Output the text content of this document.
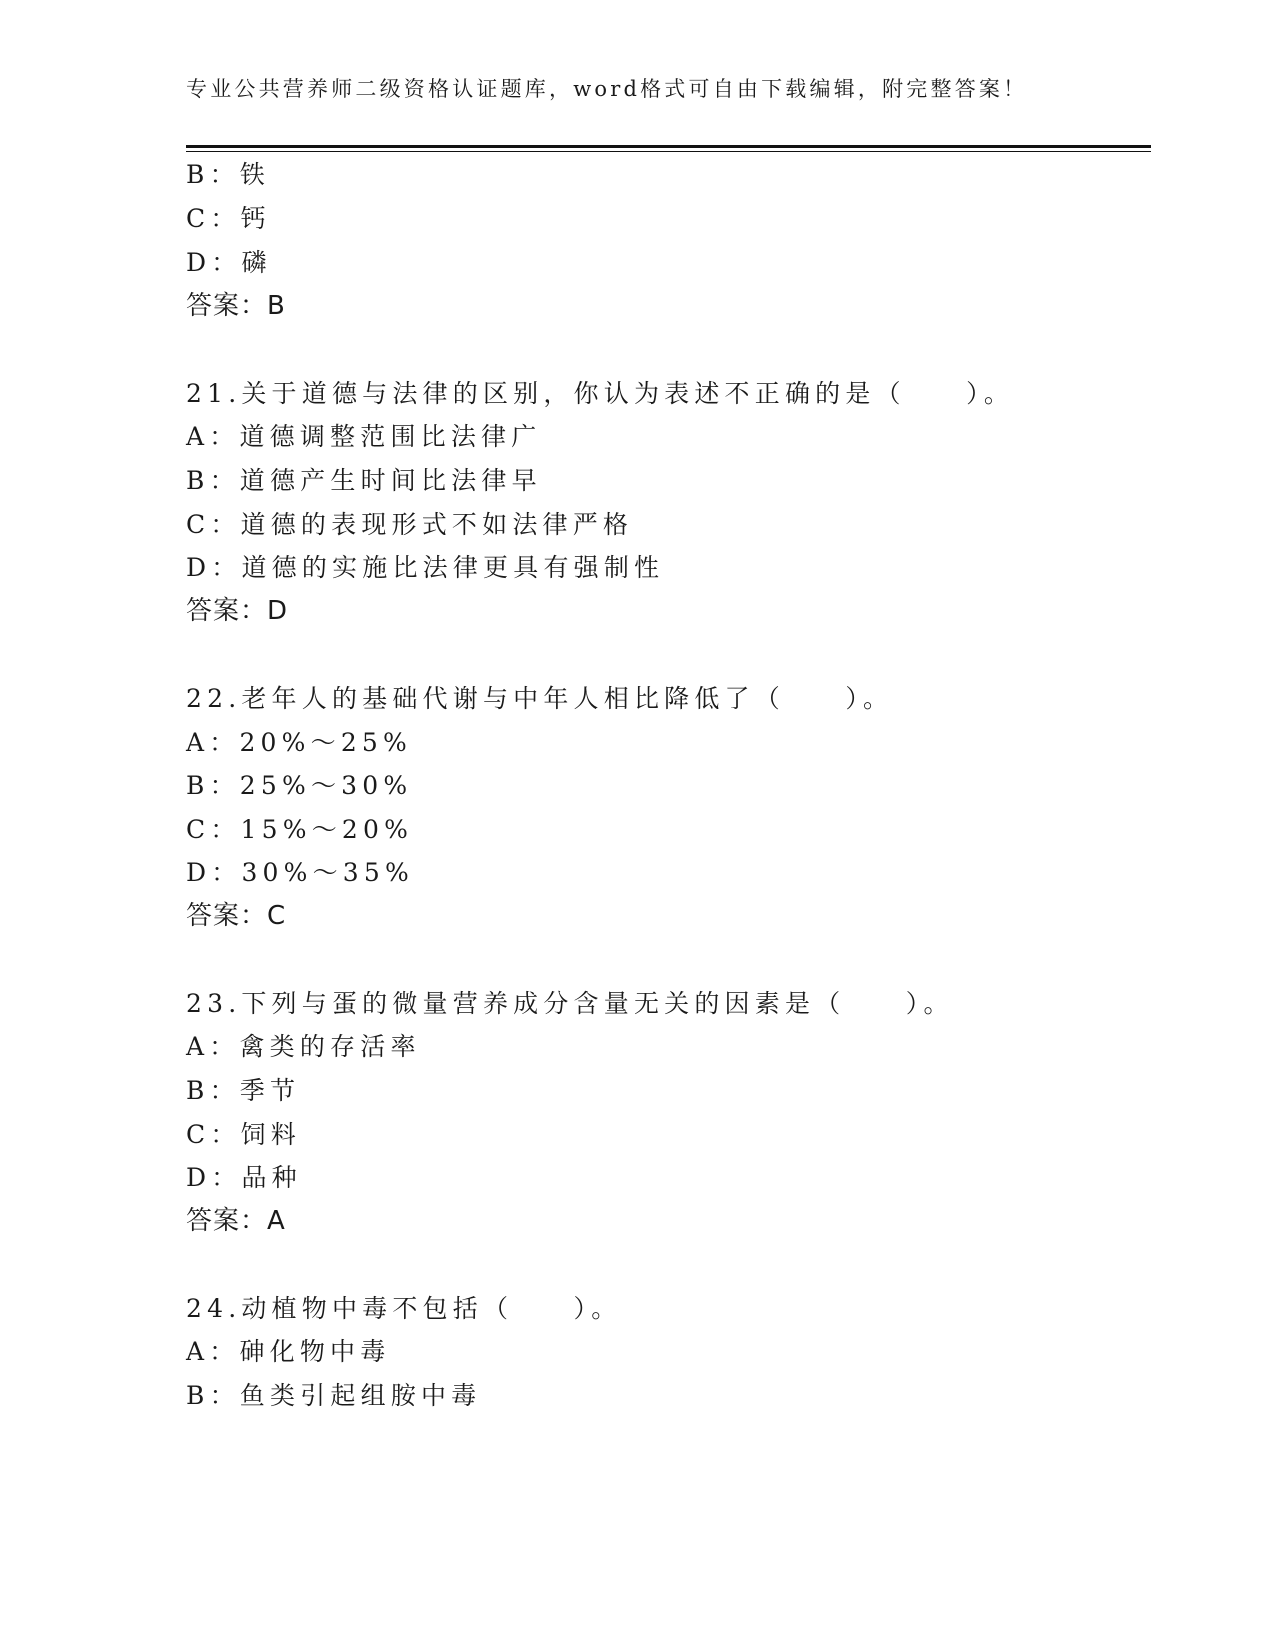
专业公共营养师二级资格认证题库，word格式可自由下载编辑，附完整答案！
B：铁
C：钙
D：磷
答案：B
21.关于道德与法律的区别，你认为表述不正确的是（　　）。
A：道德调整范围比法律广
B：道德产生时间比法律早
C：道德的表现形式不如法律严格
D：道德的实施比法律更具有强制性
答案：D
22.老年人的基础代谢与中年人相比降低了（　　）。
A：20%～25%
B：25%～30%
C：15%～20%
D：30%～35%
答案：C
23.下列与蛋的微量营养成分含量无关的因素是（　　）。
A：禽类的存活率
B：季节
C：饲料
D：品种
答案：A
24.动植物中毒不包括（　　）。
A：砷化物中毒
B：鱼类引起组胺中毒
